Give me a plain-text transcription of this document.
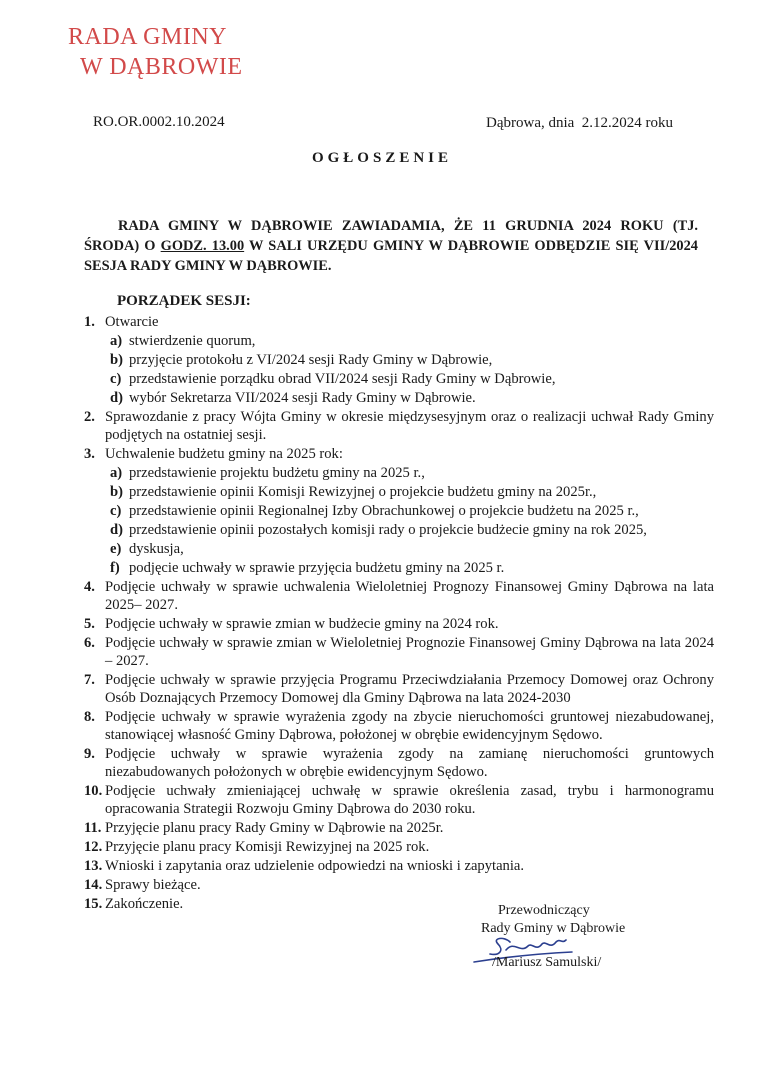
RADA GMINY
W DĄBROWIE
RO.OR.0002.10.2024	Dąbrowa, dnia  2.12.2024 roku
OGŁOSZENIE
RADA GMINY W DĄBROWIE ZAWIADAMIA, ŻE 11 GRUDNIA 2024 ROKU (TJ. ŚRODA) O GODZ. 13.00 W SALI URZĘDU GMINY W DĄBROWIE ODBĘDZIE SIĘ VII/2024 SESJA RADY GMINY W DĄBROWIE.
PORZĄDEK SESJI:
1. Otwarcie
a) stwierdzenie quorum,
b) przyjęcie protokołu z VI/2024 sesji Rady Gminy w Dąbrowie,
c) przedstawienie porządku obrad VII/2024 sesji Rady Gminy w Dąbrowie,
d) wybór Sekretarza VII/2024 sesji Rady Gminy w Dąbrowie.
2. Sprawozdanie z pracy Wójta Gminy w okresie międzysesyjnym oraz o realizacji uchwał Rady Gminy podjętych na ostatniej sesji.
3. Uchwalenie budżetu gminy na 2025 rok:
a) przedstawienie projektu budżetu gminy na 2025 r.,
b) przedstawienie opinii Komisji Rewizyjnej o projekcie budżetu gminy na 2025r.,
c) przedstawienie opinii Regionalnej Izby Obrachunkowej o projekcie budżetu na 2025 r.,
d) przedstawienie opinii pozostałych komisji rady o projekcie budżecie gminy na rok 2025,
e) dyskusja,
f) podjęcie uchwały w sprawie przyjęcia budżetu gminy na 2025 r.
4. Podjęcie uchwały w sprawie uchwalenia Wieloletniej Prognozy Finansowej Gminy Dąbrowa na lata 2025– 2027.
5. Podjęcie uchwały w sprawie zmian w budżecie gminy na 2024 rok.
6. Podjęcie uchwały w sprawie zmian w Wieloletniej Prognozie Finansowej Gminy Dąbrowa na lata 2024 – 2027.
7. Podjęcie uchwały w sprawie przyjęcia Programu Przeciwdziałania Przemocy Domowej oraz Ochrony Osób Doznających Przemocy Domowej dla Gminy Dąbrowa na lata 2024-2030
8. Podjęcie uchwały w sprawie wyrażenia zgody na zbycie nieruchomości gruntowej niezabudowanej, stanowiącej własność Gminy Dąbrowa, położonej w obrębie ewidencyjnym Sędowo.
9. Podjęcie uchwały w sprawie wyrażenia zgody na zamianę nieruchomości gruntowych niezabudowanych położonych w obrębie ewidencyjnym Sędowo.
10. Podjęcie uchwały zmieniającej uchwałę w sprawie określenia zasad, trybu i harmonogramu opracowania Strategii Rozwoju Gminy Dąbrowa do 2030 roku.
11. Przyjęcie planu pracy Rady Gminy w Dąbrowie na 2025r.
12. Przyjęcie planu pracy Komisji Rewizyjnej na 2025 rok.
13. Wnioski i zapytania oraz udzielenie odpowiedzi na wnioski i zapytania.
14. Sprawy bieżące.
15. Zakończenie.	Przewodniczący
Rady Gminy w Dąbrowie
/Mariusz Samulski/
